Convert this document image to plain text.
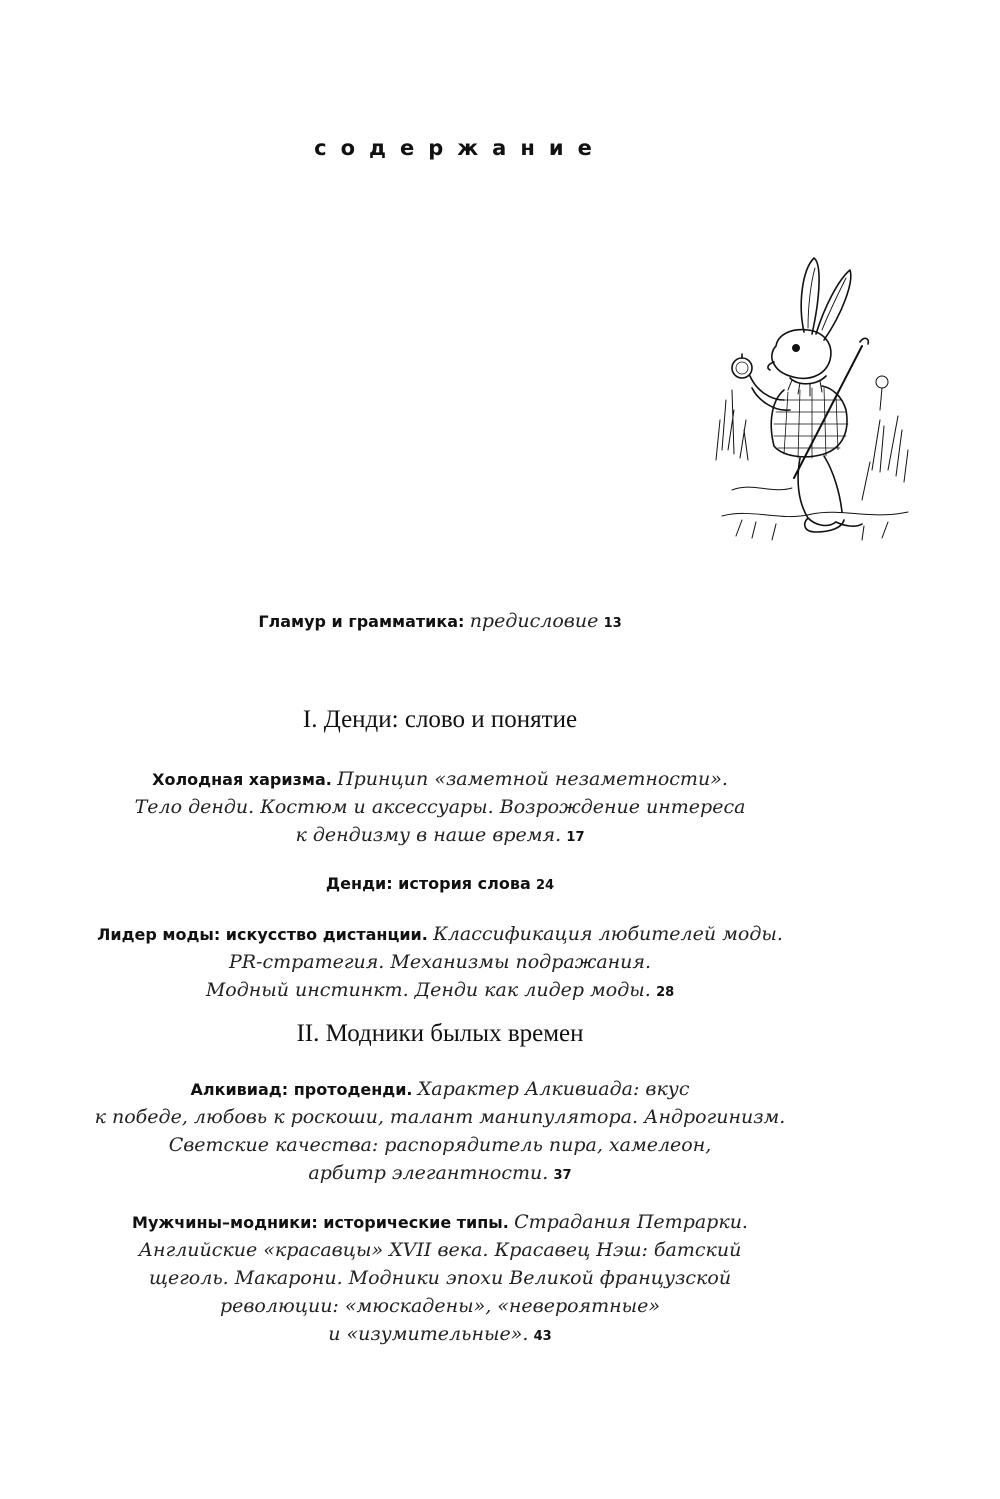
содержание
Гламур и грамматика: предисловие 13
I. Денди: слово и понятие
Холодная харизма. Принцип «заметной незаметности».
Тело денди. Костюм и аксессуары. Возрождение интереса
к дендизму в наше время. 17
Денди: история слова 24
Лидер моды: искусство дистанции. Классификация любителей моды.
PR-стратегия. Механизмы подражания.
Модный инстинкт. Денди как лидер моды. 28
II. Модники былых времен
Алкивиад: протоденди. Характер Алкивиада: вкус
к победе, любовь к роскоши, талант манипулятора. Андрогинизм.
Светские качества: распорядитель пира, хамелеон,
арбитр элегантности. 37
Мужчины–модники: исторические типы. Страдания Петрарки.
Английские «красавцы» XVII века. Красавец Нэш: батский
щеголь. Макарони. Модники эпохи Великой французской
революции: «мюскадены», «невероятные»
и «изумительные». 43
